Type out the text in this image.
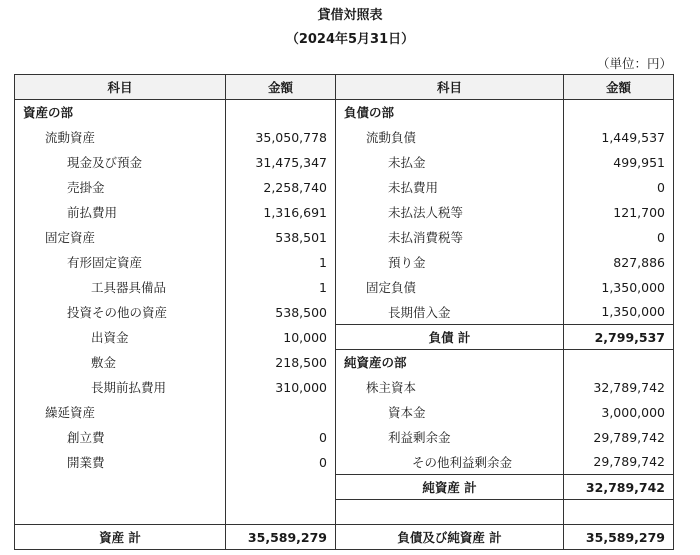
貸借対照表
（2024年5月31日）
（単位：円）
科目	金額	科目	金額
資産の部		負債の部	
流動資産	35,050,778	流動負債	1,449,537
現金及び預金	31,475,347	未払金	499,951
売掛金	2,258,740	未払費用	0
前払費用	1,316,691	未払法人税等	121,700
固定資産	538,501	未払消費税等	0
有形固定資産	1	預り金	827,886
工具器具備品	1	固定負債	1,350,000
投資その他の資産	538,500	長期借入金	1,350,000
出資金	10,000	負債 計	2,799,537
敷金	218,500	純資産の部	
長期前払費用	310,000	株主資本	32,789,742
繰延資産		資本金	3,000,000
創立費	0	利益剰余金	29,789,742
開業費	0	その他利益剰余金	29,789,742
		純資産 計	32,789,742

資産 計	35,589,279	負債及び純資産 計	35,589,279
